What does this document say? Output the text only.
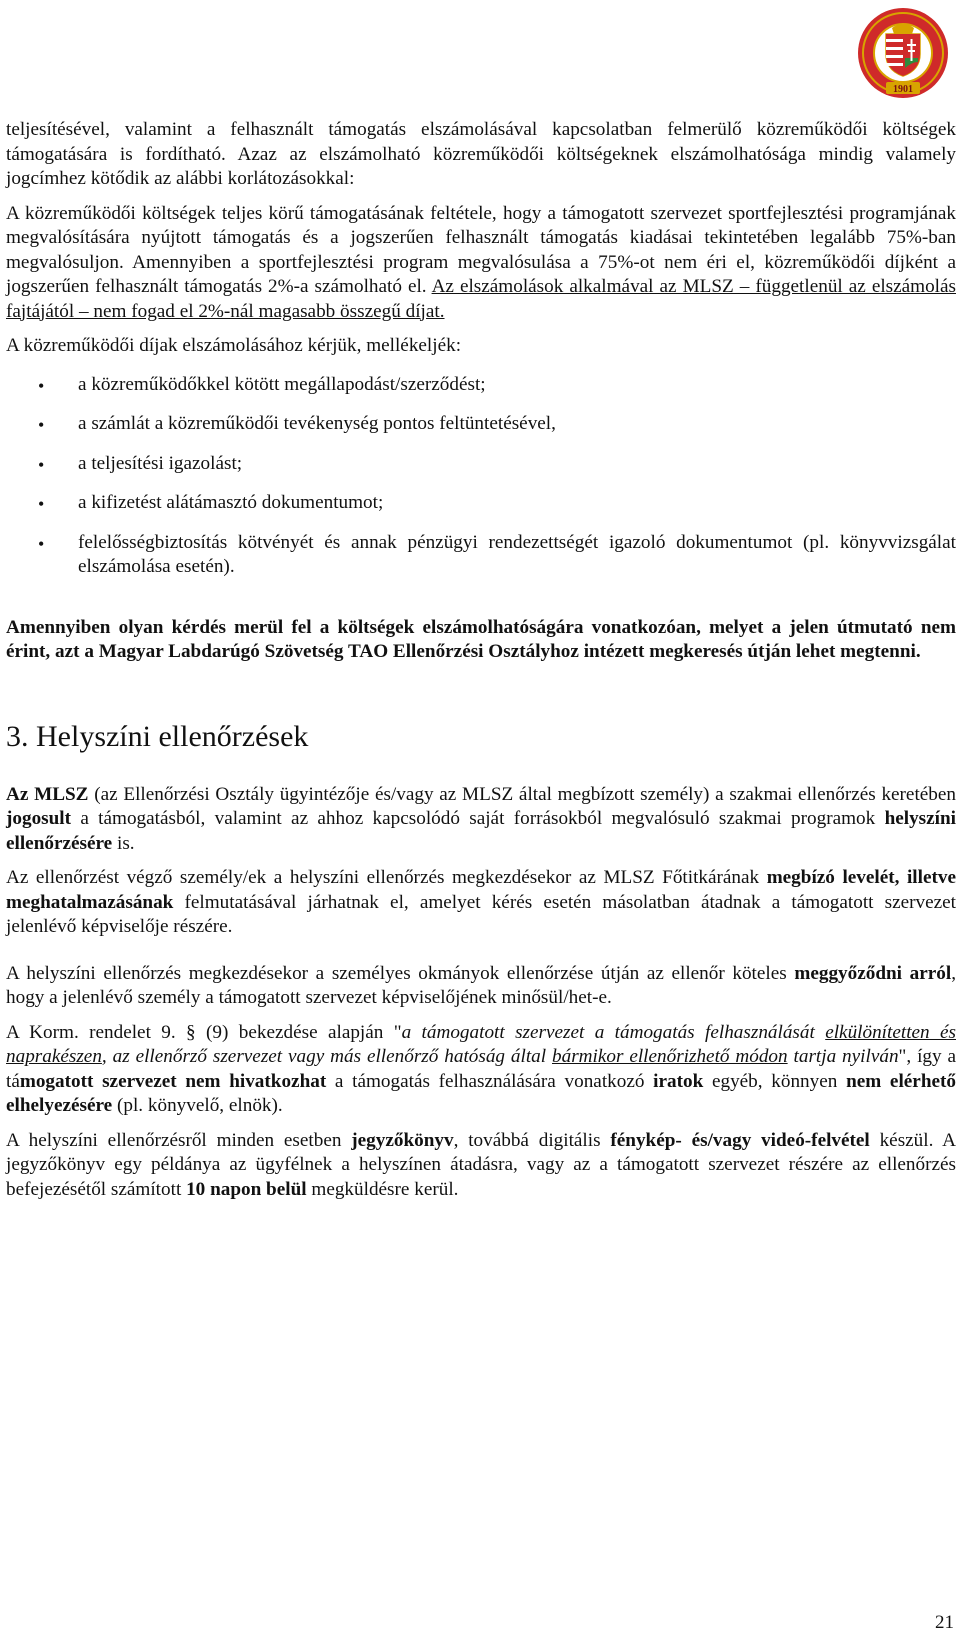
1901

teljesítésével, valamint a felhasznált támogatás elszámolásával kapcsolatban felmerülő közreműködői költségek támogatására is fordítható. Azaz az elszámolható közreműködői költségeknek elszámolhatósága mindig valamely jogcímhez kötődik az alábbi korlátozásokkal:

A közreműködői költségek teljes körű támogatásának feltétele, hogy a támogatott szervezet sportfejlesztési programjának megvalósítására nyújtott támogatás és a jogszerűen felhasznált támogatás kiadásai tekintetében legalább 75%-ban megvalósuljon. Amennyiben a sportfejlesztési program megvalósulása a 75%-ot nem éri el, közreműködői díjként a jogszerűen felhasznált támogatás 2%-a számolható el. Az elszámolások alkalmával az MLSZ – függetlenül az elszámolás fajtájától – nem fogad el 2%-nál magasabb összegű díjat.

A közreműködői díjak elszámolásához kérjük, mellékeljék:

• a közreműködőkkel kötött megállapodást/szerződést;
• a számlát a közreműködői tevékenység pontos feltüntetésével,
• a teljesítési igazolást;
• a kifizetést alátámasztó dokumentumot;
• felelősségbiztosítás kötvényét és annak pénzügyi rendezettségét igazoló dokumentumot (pl. könyvvizsgálat elszámolása esetén).

Amennyiben olyan kérdés merül fel a költségek elszámolhatóságára vonatkozóan, melyet a jelen útmutató nem érint, azt a Magyar Labdarúgó Szövetség TAO Ellenőrzési Osztályhoz intézett megkeresés útján lehet megtenni.

3. Helyszíni ellenőrzések

Az MLSZ (az Ellenőrzési Osztály ügyintézője és/vagy az MLSZ által megbízott személy) a szakmai ellenőrzés keretében jogosult a támogatásból, valamint az ahhoz kapcsolódó saját forrásokból megvalósuló szakmai programok helyszíni ellenőrzésére is.

Az ellenőrzést végző személy/ek a helyszíni ellenőrzés megkezdésekor az MLSZ Főtitkárának megbízó levelét, illetve meghatalmazásának felmutatásával járhatnak el, amelyet kérés esetén másolatban átadnak a támogatott szervezet jelenlévő képviselője részére.

A helyszíni ellenőrzés megkezdésekor a személyes okmányok ellenőrzése útján az ellenőr köteles meggyőződni arról, hogy a jelenlévő személy a támogatott szervezet képviselőjének minősül/het-e.

A Korm. rendelet 9. § (9) bekezdése alapján "a támogatott szervezet a támogatás felhasználását elkülönítetten és naprakészen, az ellenőrző szervezet vagy más ellenőrző hatóság által bármikor ellenőrizhető módon tartja nyilván", így a támogatott szervezet nem hivatkozhat a támogatás felhasználására vonatkozó iratok egyéb, könnyen nem elérhető elhelyezésére (pl. könyvelő, elnök).

A helyszíni ellenőrzésről minden esetben jegyzőkönyv, továbbá digitális fénykép- és/vagy videó-felvétel készül. A jegyzőkönyv egy példánya az ügyfélnek a helyszínen átadásra, vagy az a támogatott szervezet részére az ellenőrzés befejezésétől számított 10 napon belül megküldésre kerül.

21
